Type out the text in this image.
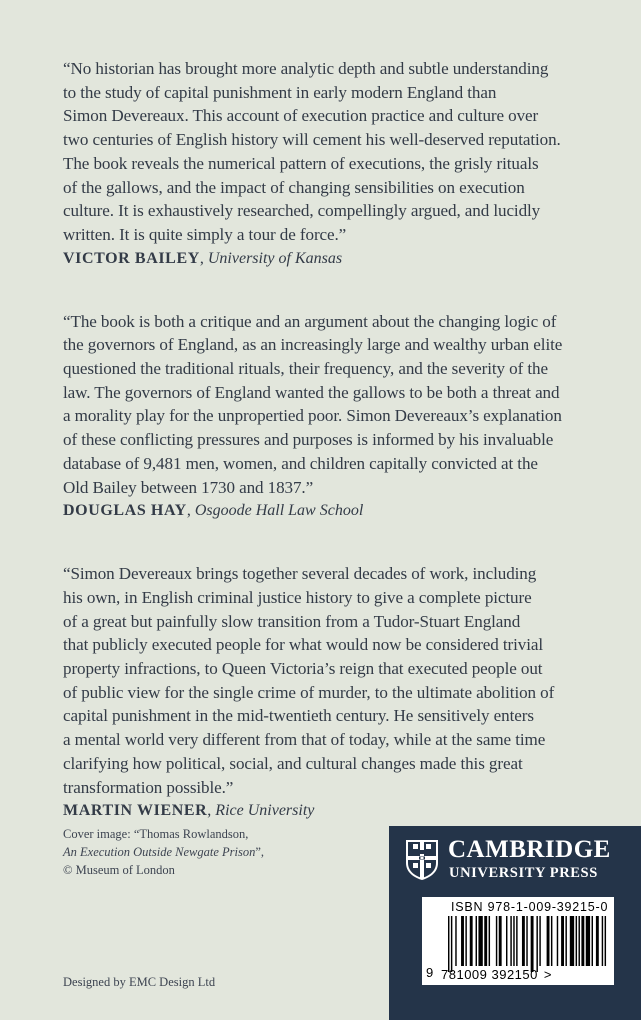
“No historian has brought more analytic depth and subtle understanding
to the study of capital punishment in early modern England than
Simon Devereaux. This account of execution practice and culture over
two centuries of English history will cement his well-deserved reputation.
The book reveals the numerical pattern of executions, the grisly rituals
of the gallows, and the impact of changing sensibilities on execution
culture. It is exhaustively researched, compellingly argued, and lucidly
written. It is quite simply a tour de force.”

VICTOR BAILEY, University of Kansas

“The book is both a critique and an argument about the changing logic of
the governors of England, as an increasingly large and wealthy urban elite
questioned the traditional rituals, their frequency, and the severity of the
law. The governors of England wanted the gallows to be both a threat and
a morality play for the unpropertied poor. Simon Devereaux’s explanation
of these conflicting pressures and purposes is informed by his invaluable
database of 9,481 men, women, and children capitally convicted at the
Old Bailey between 1730 and 1837.”

DOUGLAS HAY, Osgoode Hall Law School

“Simon Devereaux brings together several decades of work, including
his own, in English criminal justice history to give a complete picture
of a great but painfully slow transition from a Tudor-Stuart England
that publicly executed people for what would now be considered trivial
property infractions, to Queen Victoria’s reign that executed people out
of public view for the single crime of murder, to the ultimate abolition of
capital punishment in the mid-twentieth century. He sensitively enters
a mental world very different from that of today, while at the same time
clarifying how political, social, and cultural changes made this great
transformation possible.”

MARTIN WIENER, Rice University

Cover image: “Thomas Rowlandson,
An Execution Outside Newgate Prison”,
© Museum of London
Designed by EMC Design Ltd
CAMBRIDGE
UNIVERSITY PRESS
ISBN 978-1-009-39215-0
9 781009 392150 >
